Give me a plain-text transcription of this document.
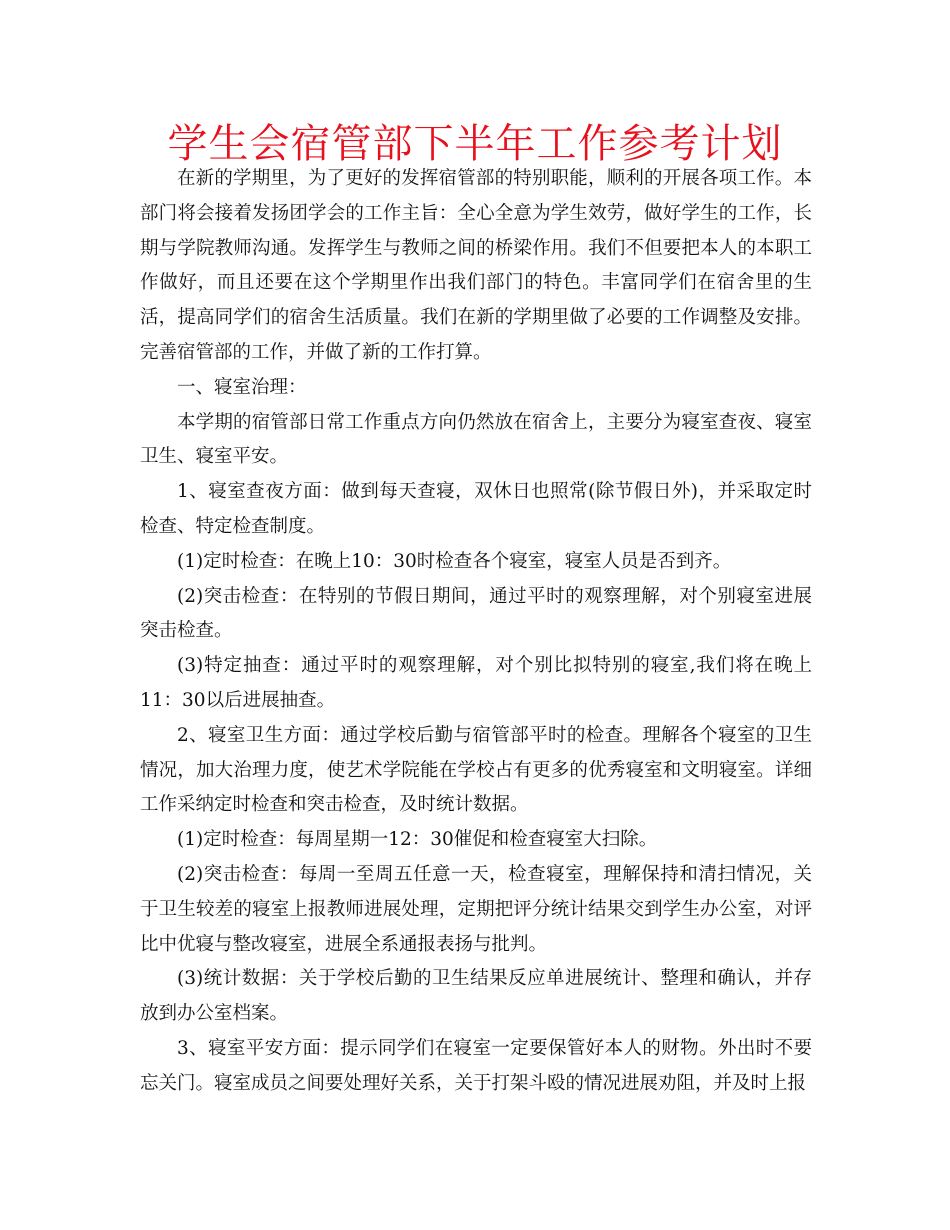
学生会宿管部下半年工作参考计划

在新的学期里，为了更好的发挥宿管部的特别职能，顺利的开展各项工作。本部门将会接着发扬团学会的工作主旨：全心全意为学生效劳，做好学生的工作，长期与学院教师沟通。发挥学生与教师之间的桥梁作用。我们不但要把本人的本职工作做好，而且还要在这个学期里作出我们部门的特色。丰富同学们在宿舍里的生活，提高同学们的宿舍生活质量。我们在新的学期里做了必要的工作调整及安排。完善宿管部的工作，并做了新的工作打算。

一、寝室治理：

本学期的宿管部日常工作重点方向仍然放在宿舍上，主要分为寝室查夜、寝室卫生、寝室平安。

1、寝室查夜方面：做到每天查寝，双休日也照常(除节假日外)，并采取定时检查、特定检查制度。

(1)定时检查：在晚上10：30时检查各个寝室，寝室人员是否到齐。

(2)突击检查：在特别的节假日期间，通过平时的观察理解，对个别寝室进展突击检查。

(3)特定抽查：通过平时的观察理解，对个别比拟特别的寝室,我们将在晚上11：30以后进展抽查。

2、寝室卫生方面：通过学校后勤与宿管部平时的检查。理解各个寝室的卫生情况，加大治理力度，使艺术学院能在学校占有更多的优秀寝室和文明寝室。详细工作采纳定时检查和突击检查，及时统计数据。

(1)定时检查：每周星期一12：30催促和检查寝室大扫除。

(2)突击检查：每周一至周五任意一天，检查寝室，理解保持和清扫情况，关于卫生较差的寝室上报教师进展处理，定期把评分统计结果交到学生办公室，对评比中优寝与整改寝室，进展全系通报表扬与批判。

(3)统计数据：关于学校后勤的卫生结果反应单进展统计、整理和确认，并存放到办公室档案。

3、寝室平安方面：提示同学们在寝室一定要保管好本人的财物。外出时不要忘关门。寝室成员之间要处理好关系，关于打架斗殴的情况进展劝阻，并及时上报
